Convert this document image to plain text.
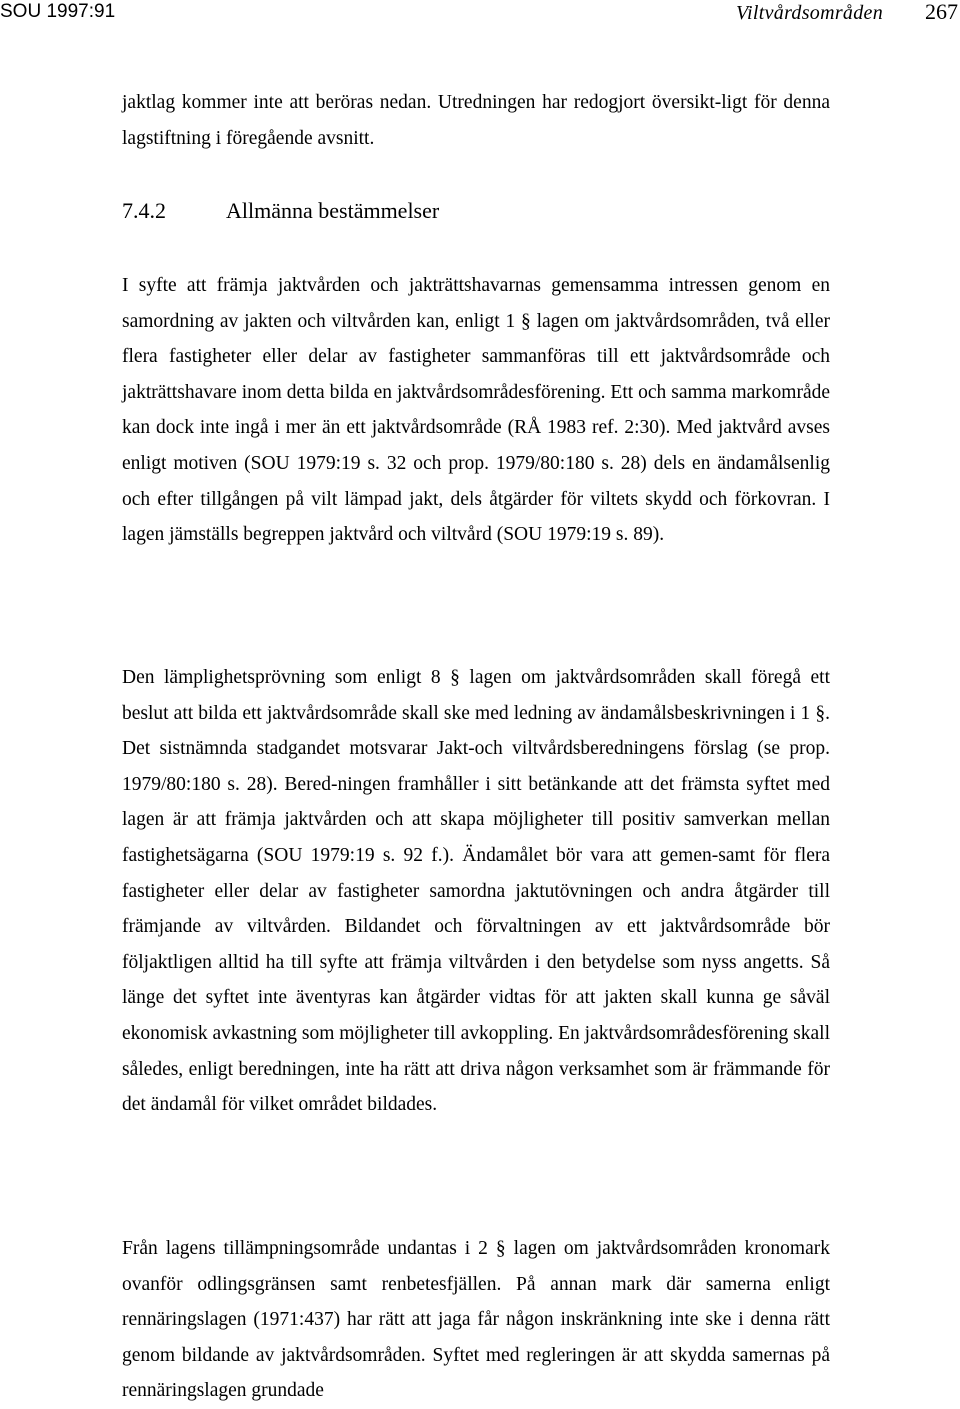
SOU 1997:91	Viltvårdsområden 267
jaktlag kommer inte att beröras nedan. Utredningen har redogjort översikt-ligt för denna lagstiftning i föregående avsnitt.
7.4.2	Allmänna bestämmelser
I syfte att främja jaktvården och jakträttshavarnas gemensamma intressen genom en samordning av jakten och viltvården kan, enligt 1 § lagen om jaktvårdsområden, två eller flera fastigheter eller delar av fastigheter sammanföras till ett jaktvårdsområde och jakträttshavare inom detta bilda en jaktvårdsområdesförening. Ett och samma markområde kan dock inte ingå i mer än ett jaktvårdsområde (RÅ 1983 ref. 2:30). Med jaktvård avses enligt motiven (SOU 1979:19 s. 32 och prop. 1979/80:180 s. 28) dels en ändamålsenlig och efter tillgången på vilt lämpad jakt, dels åtgärder för viltets skydd och förkovran. I lagen jämställs begreppen jaktvård och viltvård (SOU 1979:19 s. 89).
Den lämplighetsprövning som enligt 8 § lagen om jaktvårdsområden skall föregå ett beslut att bilda ett jaktvårdsområde skall ske med ledning av ändamålsbeskrivningen i 1 §. Det sistnämnda stadgandet motsvarar Jakt-och viltvårdsberedningens förslag (se prop. 1979/80:180 s. 28). Bered-ningen framhåller i sitt betänkande att det främsta syftet med lagen är att främja jaktvården och att skapa möjligheter till positiv samverkan mellan fastighetsägarna (SOU 1979:19 s. 92 f.). Ändamålet bör vara att gemen-samt för flera fastigheter eller delar av fastigheter samordna jaktutövningen och andra åtgärder till främjande av viltvården. Bildandet och förvaltningen av ett jaktvårdsområde bör följaktligen alltid ha till syfte att främja viltvården i den betydelse som nyss angetts. Så länge det syftet inte äventyras kan åtgärder vidtas för att jakten skall kunna ge såväl ekonomisk avkastning som möjligheter till avkoppling. En jaktvårdsområdesförening skall således, enligt beredningen, inte ha rätt att driva någon verksamhet som är främmande för det ändamål för vilket området bildades.
Från lagens tillämpningsområde undantas i 2 § lagen om jaktvårdsområden kronomark ovanför odlingsgränsen samt renbetesfjällen. På annan mark där samerna enligt rennäringslagen (1971:437) har rätt att jaga får någon inskränkning inte ske i denna rätt genom bildande av jaktvårdsområden. Syftet med regleringen är att skydda samernas på rennäringslagen grundade
